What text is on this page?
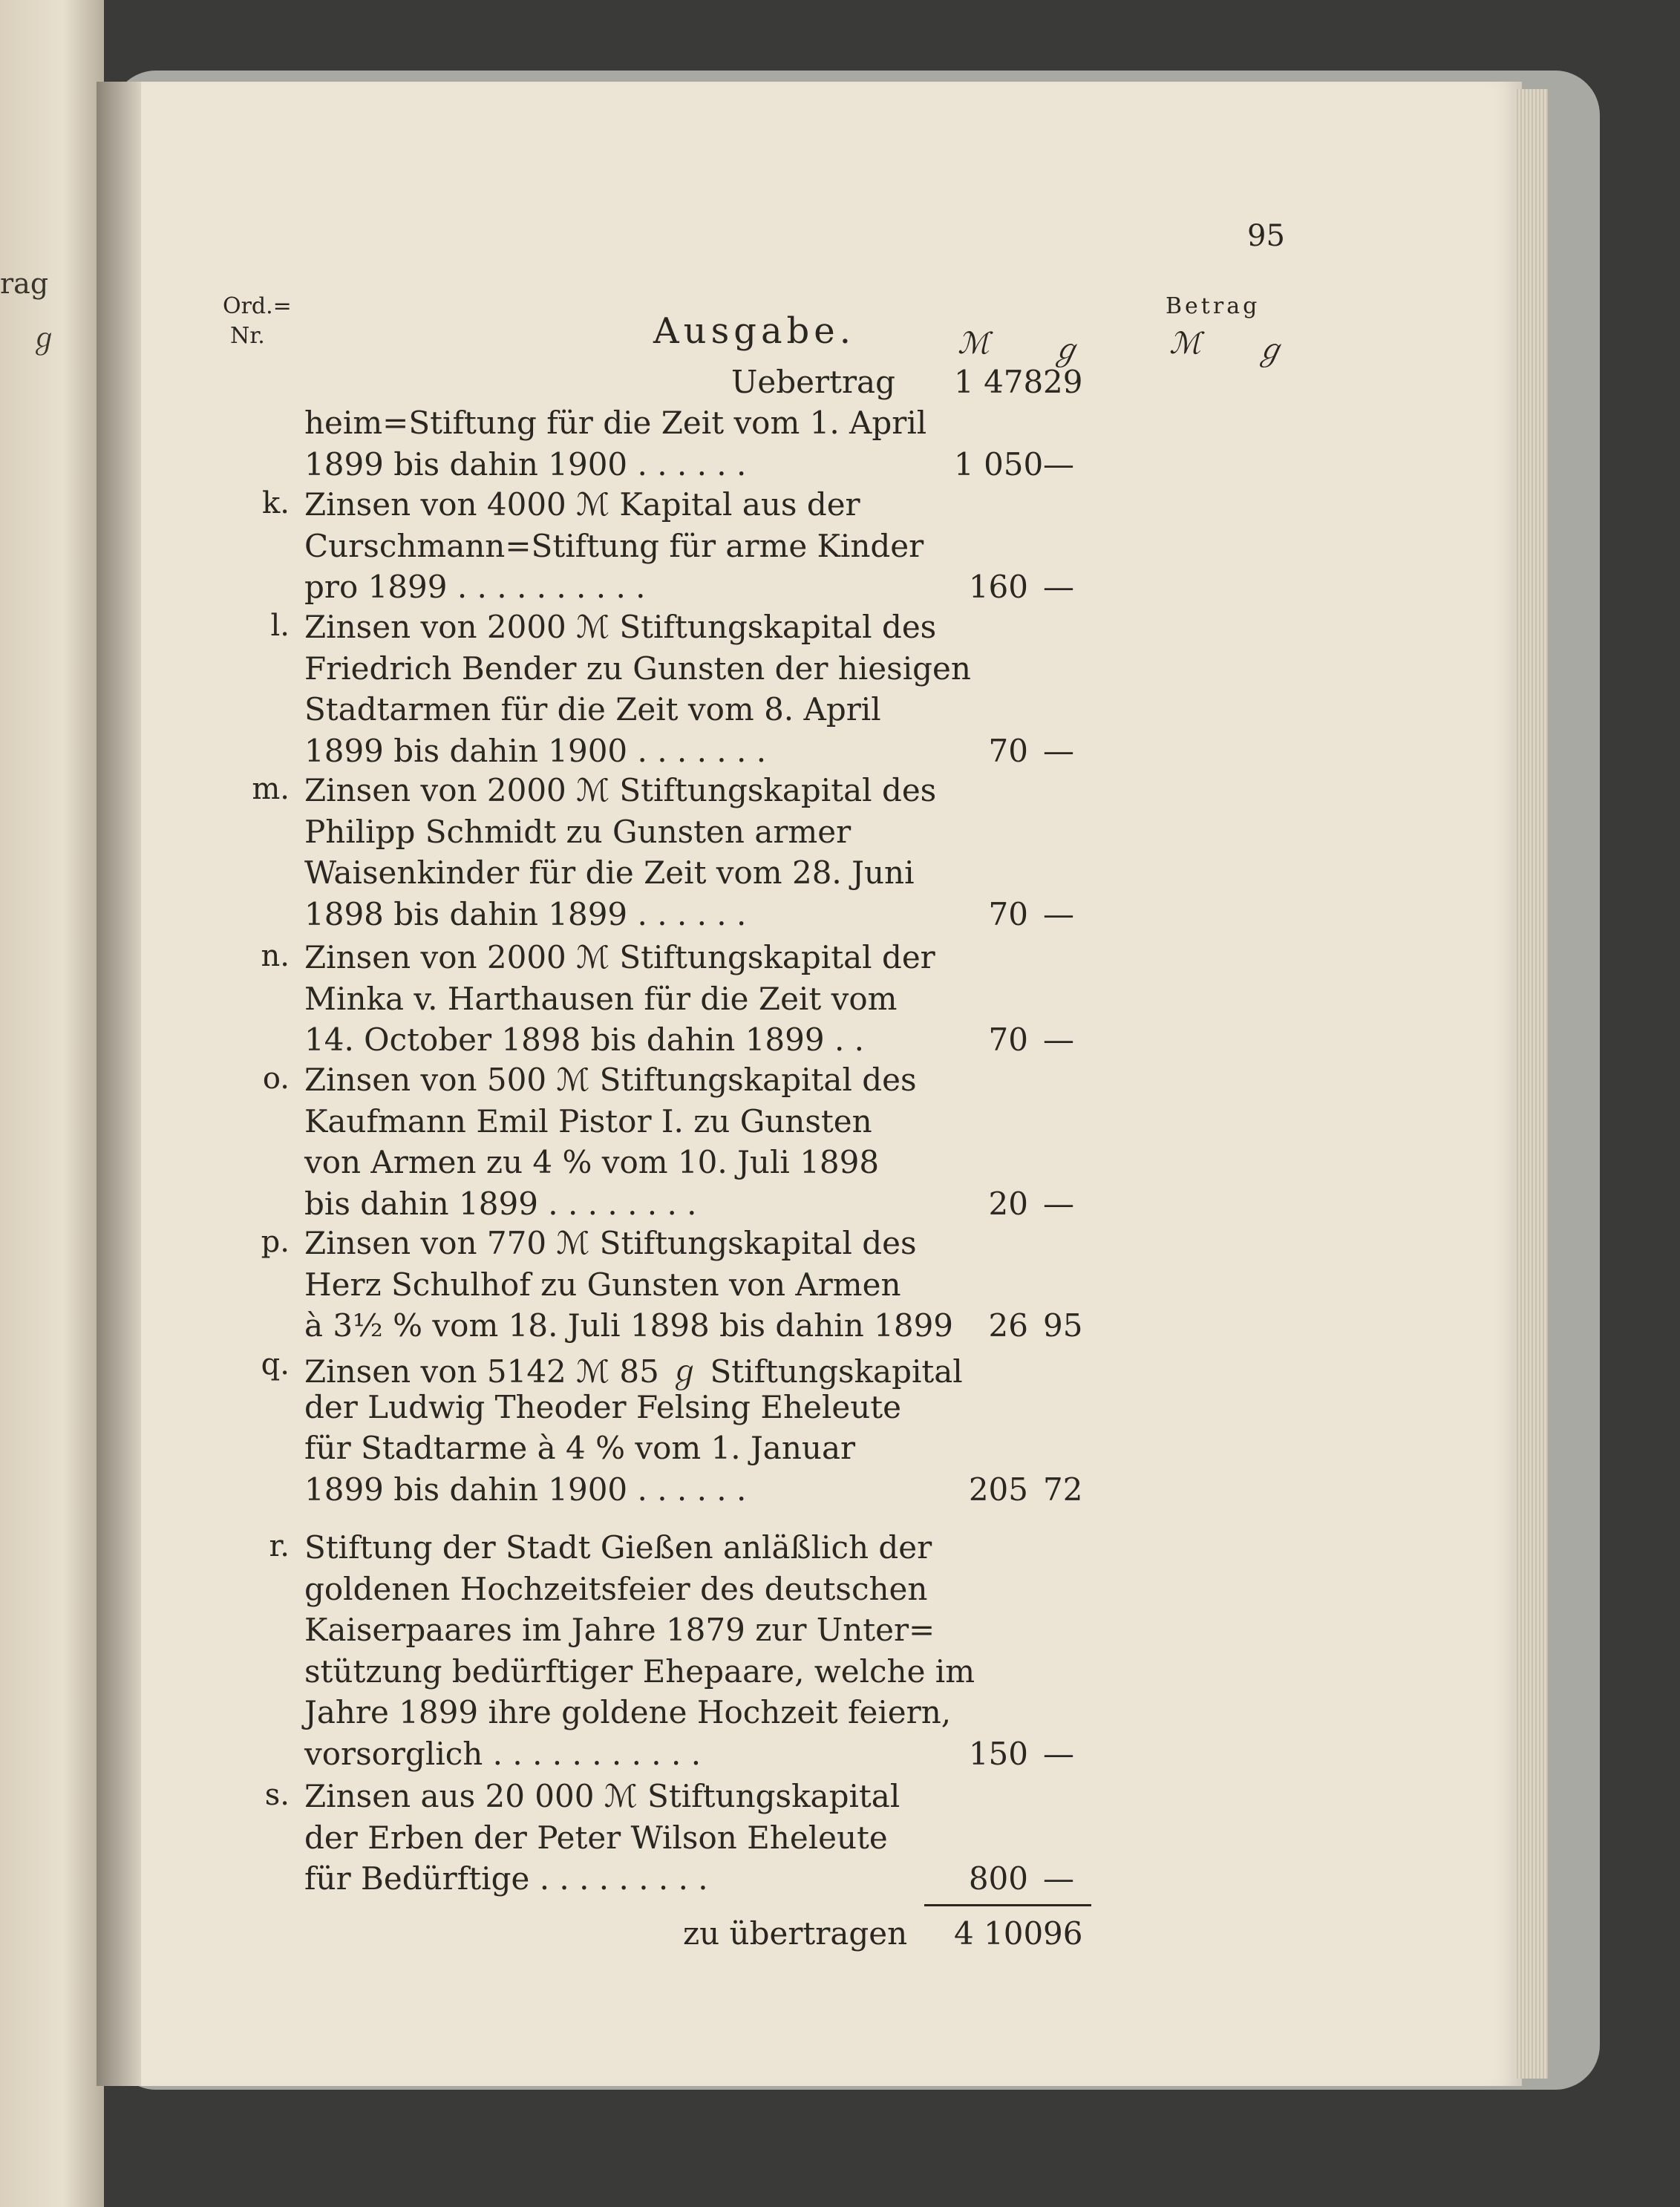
rag
ℊ
95
Ord.=
Nr.	Ausgabe.	ℳ ℊ
Betrag
ℳ ℊ
Uebertrag 1 478 29
heim=Stiftung für die Zeit vom 1. April
1899 bis dahin 1900 . . . . . .	1 050 —
k. Zinsen von 4000 ℳ Kapital aus der
Curschmann=Stiftung für arme Kinder
pro 1899 . . . . . . . . . .	160 —
l. Zinsen von 2000 ℳ Stiftungskapital des
Friedrich Bender zu Gunsten der hiesigen
Stadtarmen für die Zeit vom 8. April
1899 bis dahin 1900 . . . . . . .	70 —
m. Zinsen von 2000 ℳ Stiftungskapital des
Philipp Schmidt zu Gunsten armer
Waisenkinder für die Zeit vom 28. Juni
1898 bis dahin 1899 . . . . . .	70 —
n. Zinsen von 2000 ℳ Stiftungskapital der
Minka v. Harthausen für die Zeit vom
14. October 1898 bis dahin 1899 . .	70 —
o. Zinsen von 500 ℳ Stiftungskapital des
Kaufmann Emil Pistor I. zu Gunsten
von Armen zu 4 % vom 10. Juli 1898
bis dahin 1899 . . . . . . . .	20 —
p. Zinsen von 770 ℳ Stiftungskapital des
Herz Schulhof zu Gunsten von Armen
à 3½ % vom 18. Juli 1898 bis dahin 1899	26 95
q. Zinsen von 5142 ℳ 85 ℊ Stiftungskapital
der Ludwig Theoder Felsing Eheleute
für Stadtarme à 4 % vom 1. Januar
1899 bis dahin 1900 . . . . . .	205 72
r. Stiftung der Stadt Gießen anläßlich der
goldenen Hochzeitsfeier des deutschen
Kaiserpaares im Jahre 1879 zur Unter=
stützung bedürftiger Ehepaare, welche im
Jahre 1899 ihre goldene Hochzeit feiern,
vorsorglich . . . . . . . . . . .	150 —
s. Zinsen aus 20 000 ℳ Stiftungskapital
der Erben der Peter Wilson Eheleute
für Bedürftige . . . . . . . . .	800 —
zu übertragen 4 100 96
